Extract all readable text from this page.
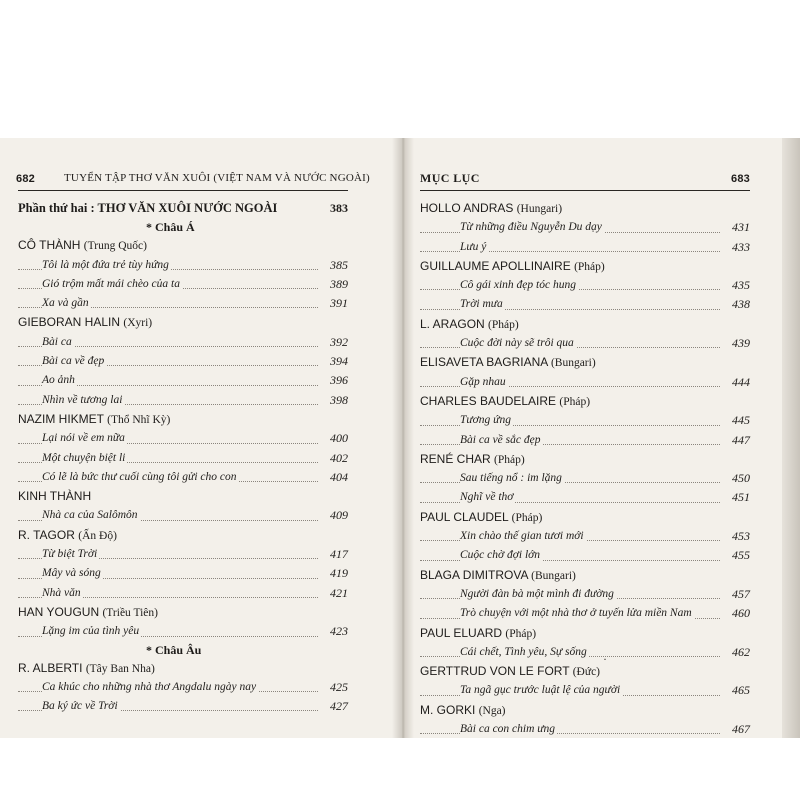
682	TUYỂN TẬP THƠ VĂN XUÔI (VIỆT NAM VÀ NƯỚC NGOÀI)
Phần thứ hai : THƠ VĂN XUÔI NƯỚC NGOÀI	383
* Châu Á
CÔ THÀNH (Trung Quốc)
Tôi là một đứa trẻ tùy hứng	385
Gió trộm mất mái chèo của ta	389
Xa và gần	391
GIEBORAN HALIN (Xyri)
Bài ca	392
Bài ca về đẹp	394
Ao ảnh	396
Nhìn về tương lai	398
NAZIM HIKMET (Thổ Nhĩ Kỳ)
Lại nói về em nữa	400
Một chuyện biệt li	402
Có lẽ là bức thư cuối cùng tôi gửi cho con	404
KINH THÀNH
Nhà ca của Salômôn	409
R. TAGOR (Ấn Độ)
Từ biệt Trời	417
Mây và sóng	419
Nhà văn	421
HAN YOUGUN (Triều Tiên)
Lặng im của tình yêu	423
* Châu Âu
R. ALBERTI (Tây Ban Nha)
Ca khúc cho những nhà thơ Angdalu ngày nay	425
Ba ký ức về Trời	427
MỤC LỤC	683
HOLLO ANDRAS (Hungari)
Từ những điều Nguyễn Du dạy	431
Lưu ý	433
GUILLAUME APOLLINAIRE (Pháp)
Cô gái xinh đẹp tóc hung	435
Trời mưa	438
L. ARAGON (Pháp)
Cuộc đời này sẽ trôi qua	439
ELISAVETA BAGRIANA (Bungari)
Gặp nhau	444
CHARLES BAUDELAIRE (Pháp)
Tương ứng	445
Bài ca về sắc đẹp	447
RENÉ CHAR (Pháp)
Sau tiếng nổ : im lặng	450
Nghĩ về thơ	451
PAUL CLAUDEL (Pháp)
Xin chào thế gian tươi mới	453
Cuộc chờ đợi lớn	455
BLAGA DIMITROVA (Bungari)
Người đàn bà một mình đi đường	457
Trò chuyện với một nhà thơ ở tuyến lửa miền Nam	460
PAUL ELUARD (Pháp)
Cái chết, Tình yêu, Sự sống	462
GERTTRUD VON LE FORT (Đức)
Ta ngã gục trước luật lệ của người	465
M. GORKI (Nga)
Bài ca con chim ưng	467
·
